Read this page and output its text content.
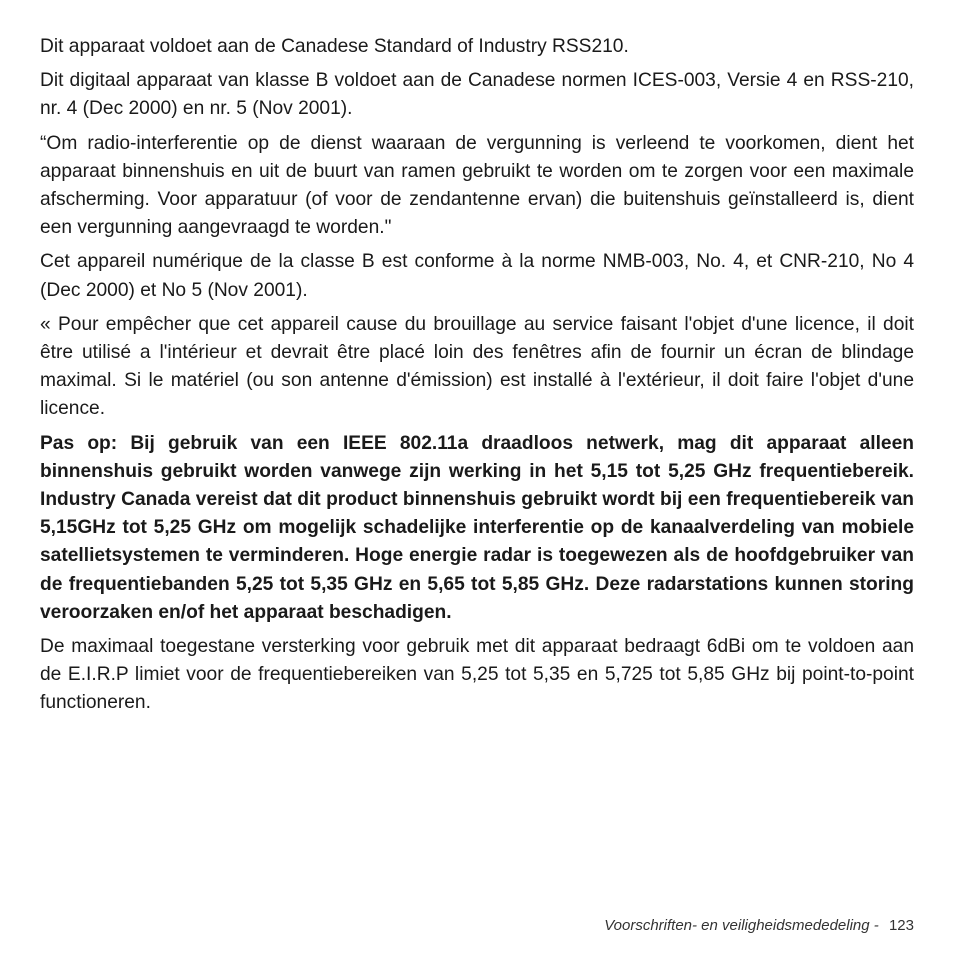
Dit apparaat voldoet aan de Canadese Standard of Industry RSS210.

Dit digitaal apparaat van klasse B voldoet aan de Canadese normen ICES-003, Versie 4 en RSS-210, nr. 4 (Dec 2000) en nr. 5 (Nov 2001).

“Om radio-interferentie op de dienst waaraan de vergunning is verleend te voorkomen, dient het apparaat binnenshuis en uit de buurt van ramen gebruikt te worden om te zorgen voor een maximale afscherming. Voor apparatuur (of voor de zendantenne ervan) die buitenshuis geïnstalleerd is, dient een vergunning aangevraagd te worden."

Cet appareil numérique de la classe B est conforme à la norme NMB-003, No. 4, et CNR-210, No 4 (Dec 2000) et No 5 (Nov 2001).

« Pour empêcher que cet appareil cause du brouillage au service faisant l'objet d'une licence, il doit être utilisé a l'intérieur et devrait être placé loin des fenêtres afin de fournir un écran de blindage maximal. Si le matériel (ou son antenne d'émission) est installé à l'extérieur, il doit faire l'objet d'une licence.

Pas op: Bij gebruik van een IEEE 802.11a draadloos netwerk, mag dit apparaat alleen binnenshuis gebruikt worden vanwege zijn werking in het 5,15 tot 5,25 GHz frequentiebereik. Industry Canada vereist dat dit product binnenshuis gebruikt wordt bij een frequentiebereik van 5,15GHz tot 5,25 GHz om mogelijk schadelijke interferentie op de kanaalverdeling van mobiele satellietsystemen te verminderen. Hoge energie radar is toegewezen als de hoofdgebruiker van de frequentiebanden 5,25 tot 5,35 GHz en 5,65 tot 5,85 GHz. Deze radarstations kunnen storing veroorzaken en/of het apparaat beschadigen.

De maximaal toegestane versterking voor gebruik met dit apparaat bedraagt 6dBi om te voldoen aan de E.I.R.P limiet voor de frequentiebereiken van 5,25 tot 5,35 en 5,725 tot 5,85 GHz bij point-to-point functioneren.

Voorschriften- en veiligheidsmededeling - 123
